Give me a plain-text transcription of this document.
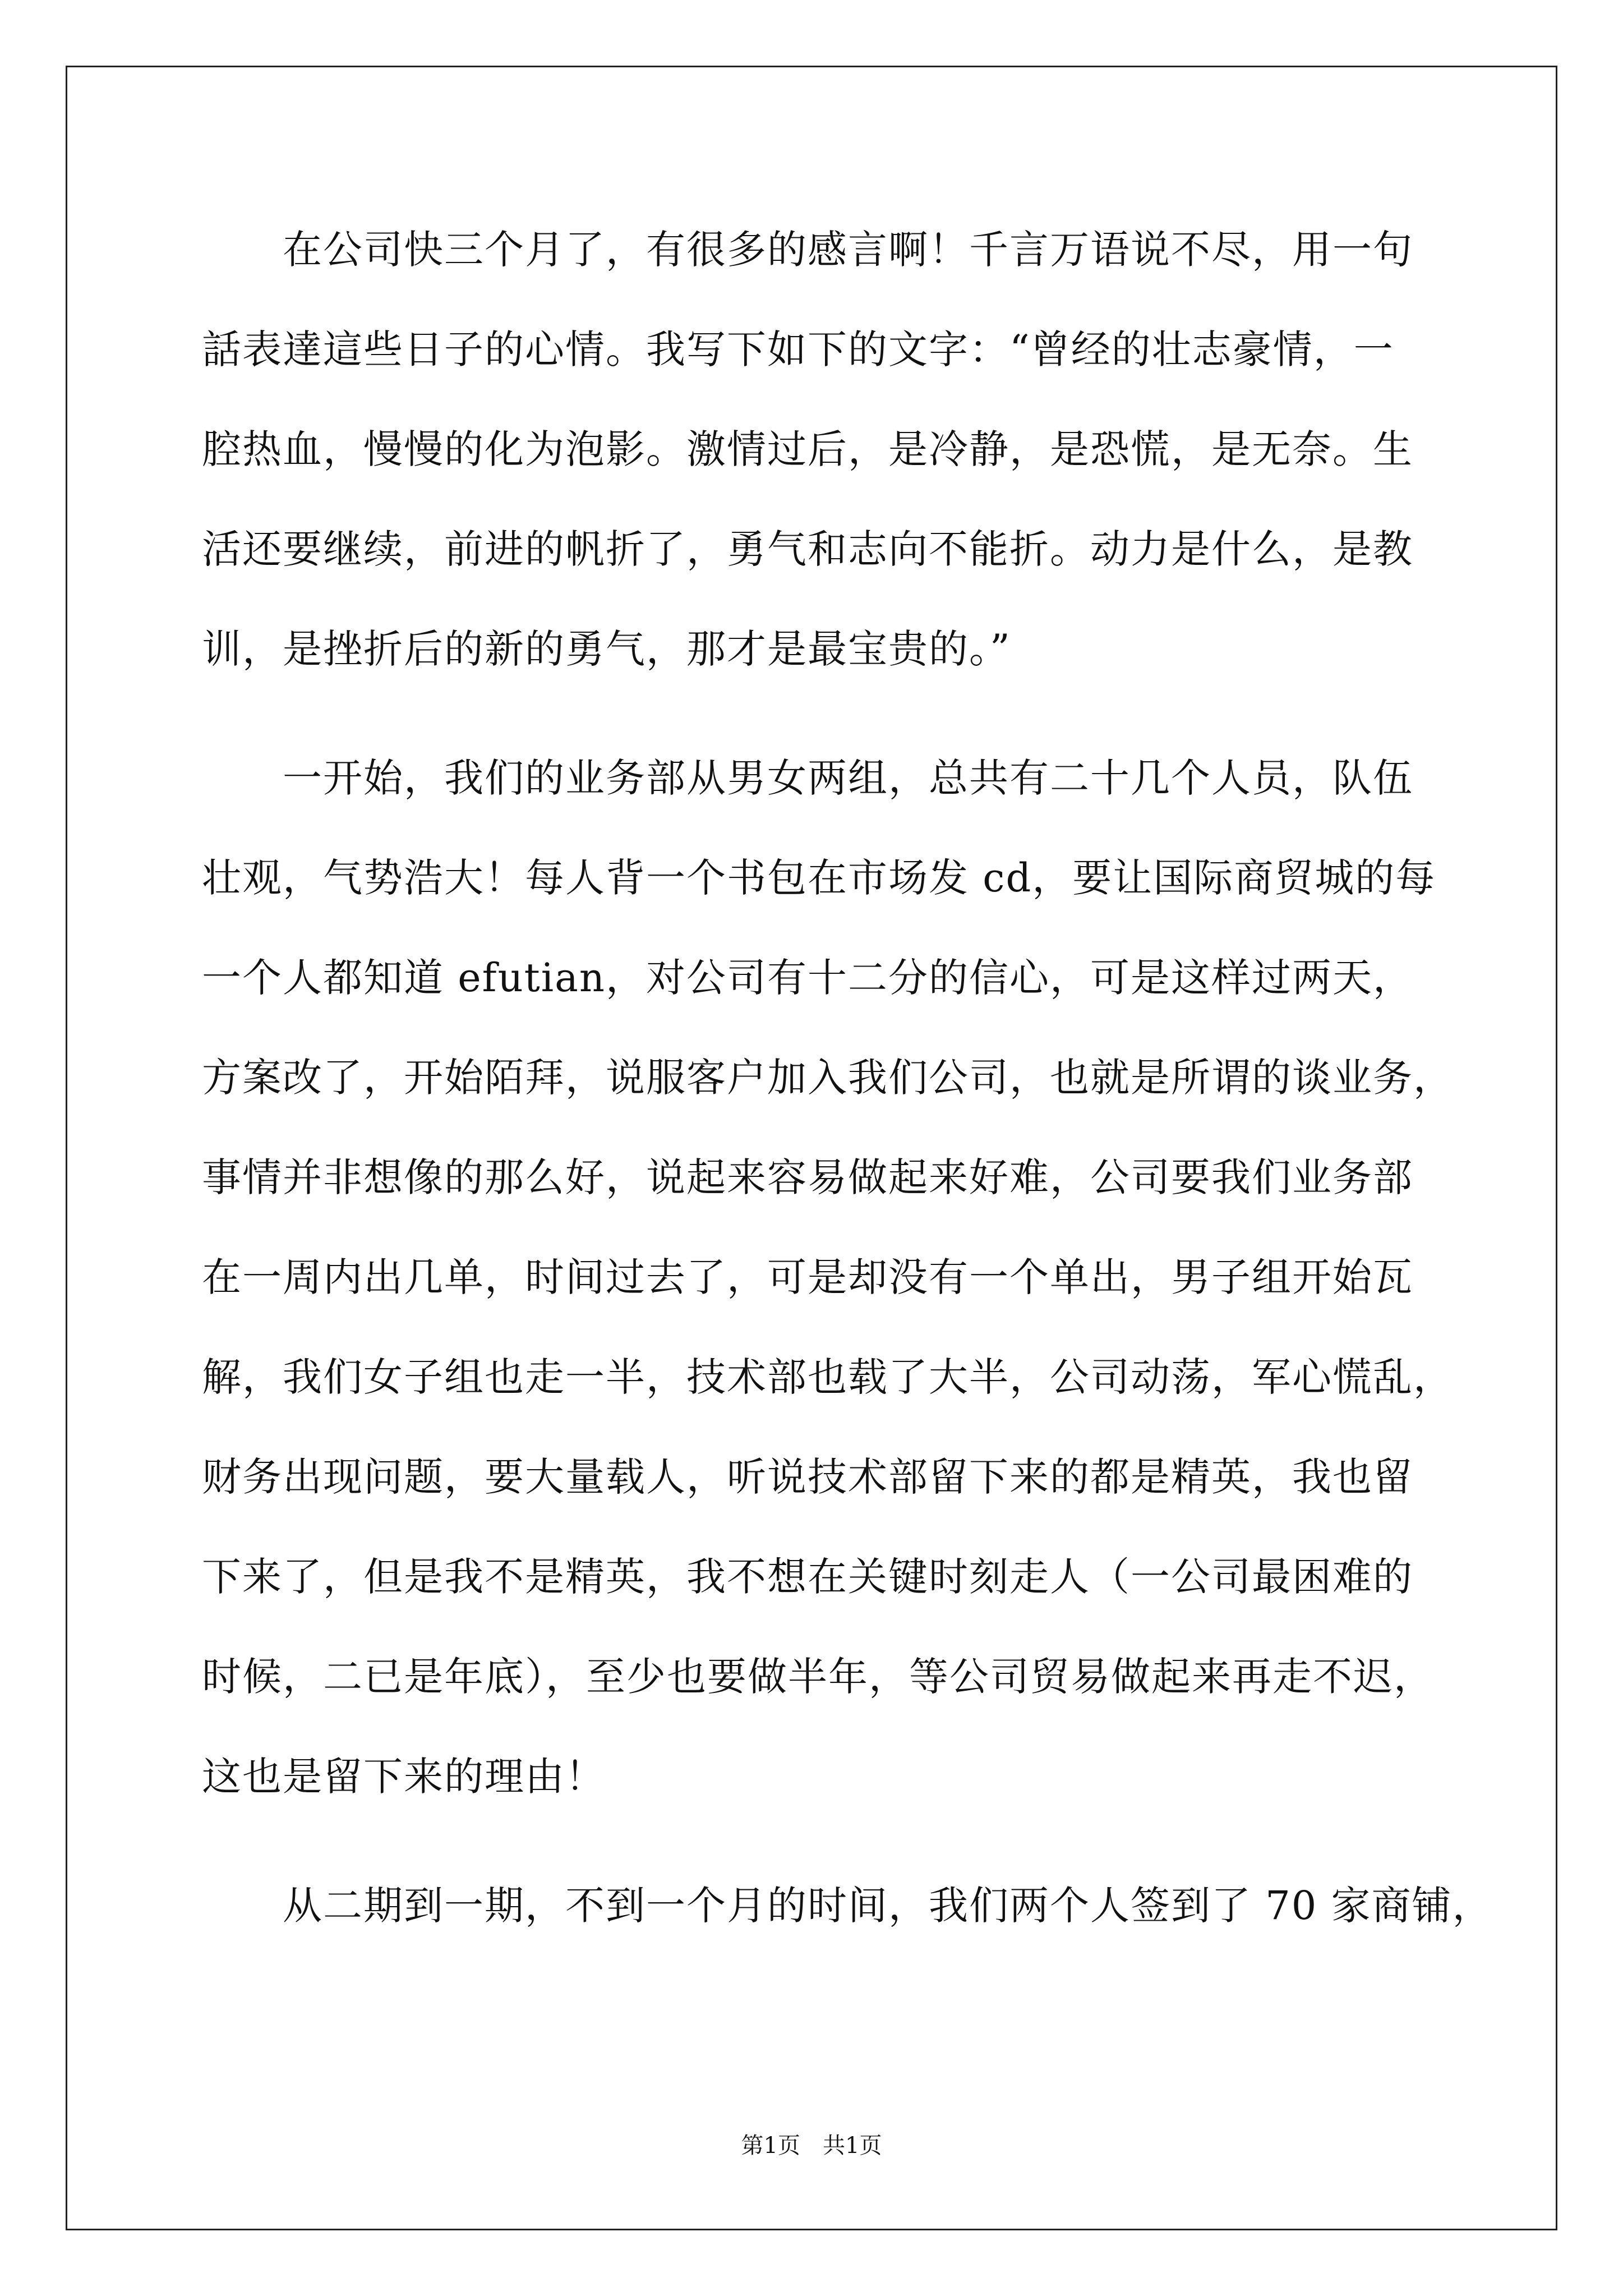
　　在公司快三个月了，有很多的感言啊！千言万语说不尽，用一句
話表達這些日子的心情。我写下如下的文字：“曾经的壮志豪情，一
腔热血，慢慢的化为泡影。激情过后，是冷静，是恐慌，是无奈。生
活还要继续，前进的帆折了，勇气和志向不能折。动力是什么，是教
训，是挫折后的新的勇气，那才是最宝贵的。”
　　一开始，我们的业务部从男女两组，总共有二十几个人员，队伍
壮观，气势浩大！每人背一个书包在市场发 cd，要让国际商贸城的每
一个人都知道 efutian，对公司有十二分的信心，可是这样过两天，
方案改了，开始陌拜，说服客户加入我们公司，也就是所谓的谈业务，
事情并非想像的那么好，说起来容易做起来好难，公司要我们业务部
在一周内出几单，时间过去了，可是却没有一个单出，男子组开始瓦
解，我们女子组也走一半，技术部也载了大半，公司动荡，军心慌乱，
财务出现问题，要大量载人，听说技术部留下来的都是精英，我也留
下来了，但是我不是精英，我不想在关键时刻走人（一公司最困难的
时候，二已是年底），至少也要做半年，等公司贸易做起来再走不迟，
这也是留下来的理由！
　　从二期到一期，不到一个月的时间，我们两个人签到了 70 家商铺，
第1页　共1页
